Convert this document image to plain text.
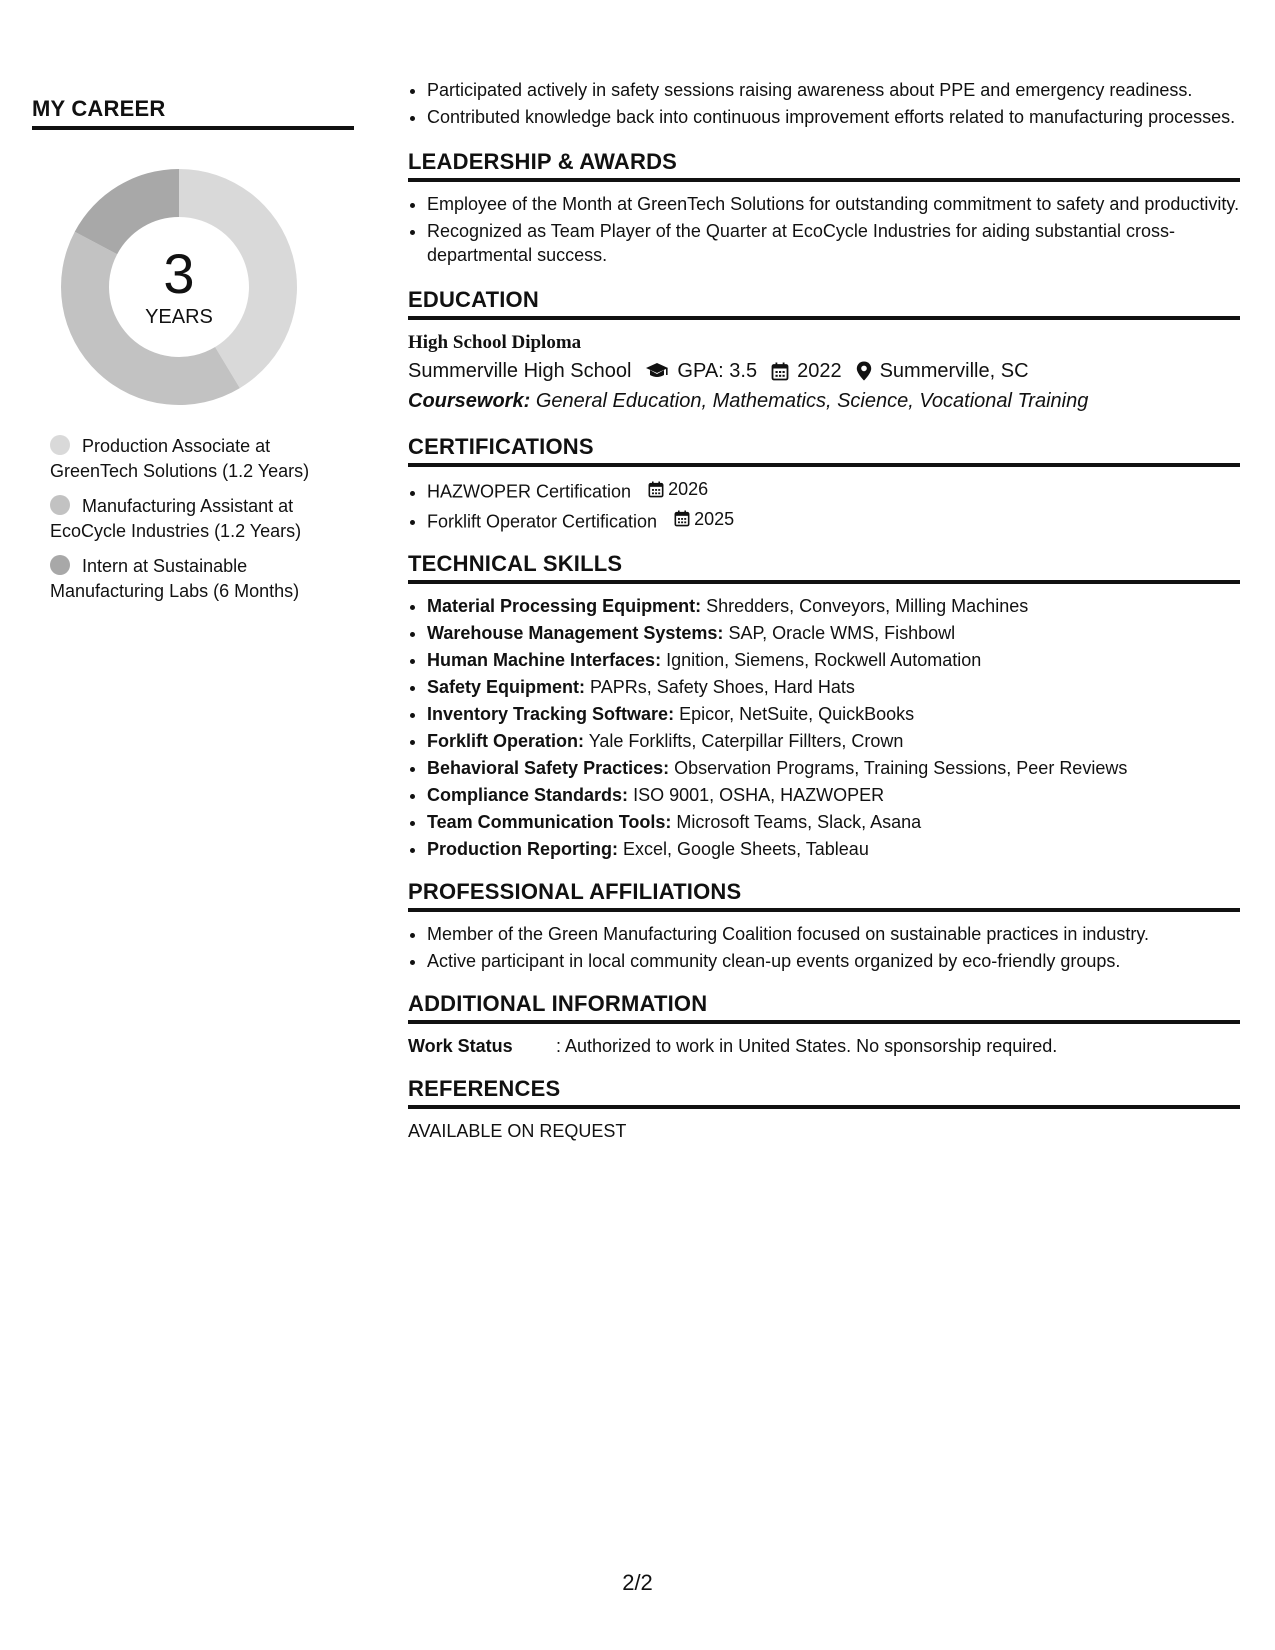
MY CAREER
3
YEARS
Production Associate at GreenTech Solutions (1.2 Years)
Manufacturing Assistant at EcoCycle Industries (1.2 Years)
Intern at Sustainable Manufacturing Labs (6 Months)
• Participated actively in safety sessions raising awareness about PPE and emergency readiness.
• Contributed knowledge back into continuous improvement efforts related to manufacturing processes.
LEADERSHIP & AWARDS
• Employee of the Month at GreenTech Solutions for outstanding commitment to safety and productivity.
• Recognized as Team Player of the Quarter at EcoCycle Industries for aiding substantial cross-departmental success.
EDUCATION
High School Diploma
Summerville High School GPA: 3.5 2022 Summerville, SC
Coursework: General Education, Mathematics, Science, Vocational Training
CERTIFICATIONS
• HAZWOPER Certification 2026
• Forklift Operator Certification 2025
TECHNICAL SKILLS
• Material Processing Equipment: Shredders, Conveyors, Milling Machines
• Warehouse Management Systems: SAP, Oracle WMS, Fishbowl
• Human Machine Interfaces: Ignition, Siemens, Rockwell Automation
• Safety Equipment: PAPRs, Safety Shoes, Hard Hats
• Inventory Tracking Software: Epicor, NetSuite, QuickBooks
• Forklift Operation: Yale Forklifts, Caterpillar Fillters, Crown
• Behavioral Safety Practices: Observation Programs, Training Sessions, Peer Reviews
• Compliance Standards: ISO 9001, OSHA, HAZWOPER
• Team Communication Tools: Microsoft Teams, Slack, Asana
• Production Reporting: Excel, Google Sheets, Tableau
PROFESSIONAL AFFILIATIONS
• Member of the Green Manufacturing Coalition focused on sustainable practices in industry.
• Active participant in local community clean-up events organized by eco-friendly groups.
ADDITIONAL INFORMATION
Work Status	: Authorized to work in United States. No sponsorship required.
REFERENCES
AVAILABLE ON REQUEST
2/2
